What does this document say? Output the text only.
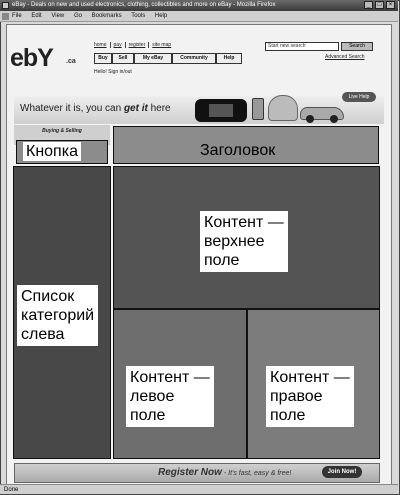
eBay - Deals on new and used electronics, clothing, collectibles and more on eBay - Mozilla Firefox	_	□	×
File Edit View Go Bookmarks Tools Help
ebY .ca
home pay register site map
Buy	Sell	My eBay	Community	Help
Hello! Sign in/out
Start new search	Search
Advanced Search
Whatever it is, you can get it here
Live Help
Buying & Selling
Кнопка	Заголовок
Список
категорий
слева
Контент —
верхнее
поле
Контент —
левое
поле
Контент —
правое
поле
Register Now - It's fast, easy & free!	Join Now!
Done
